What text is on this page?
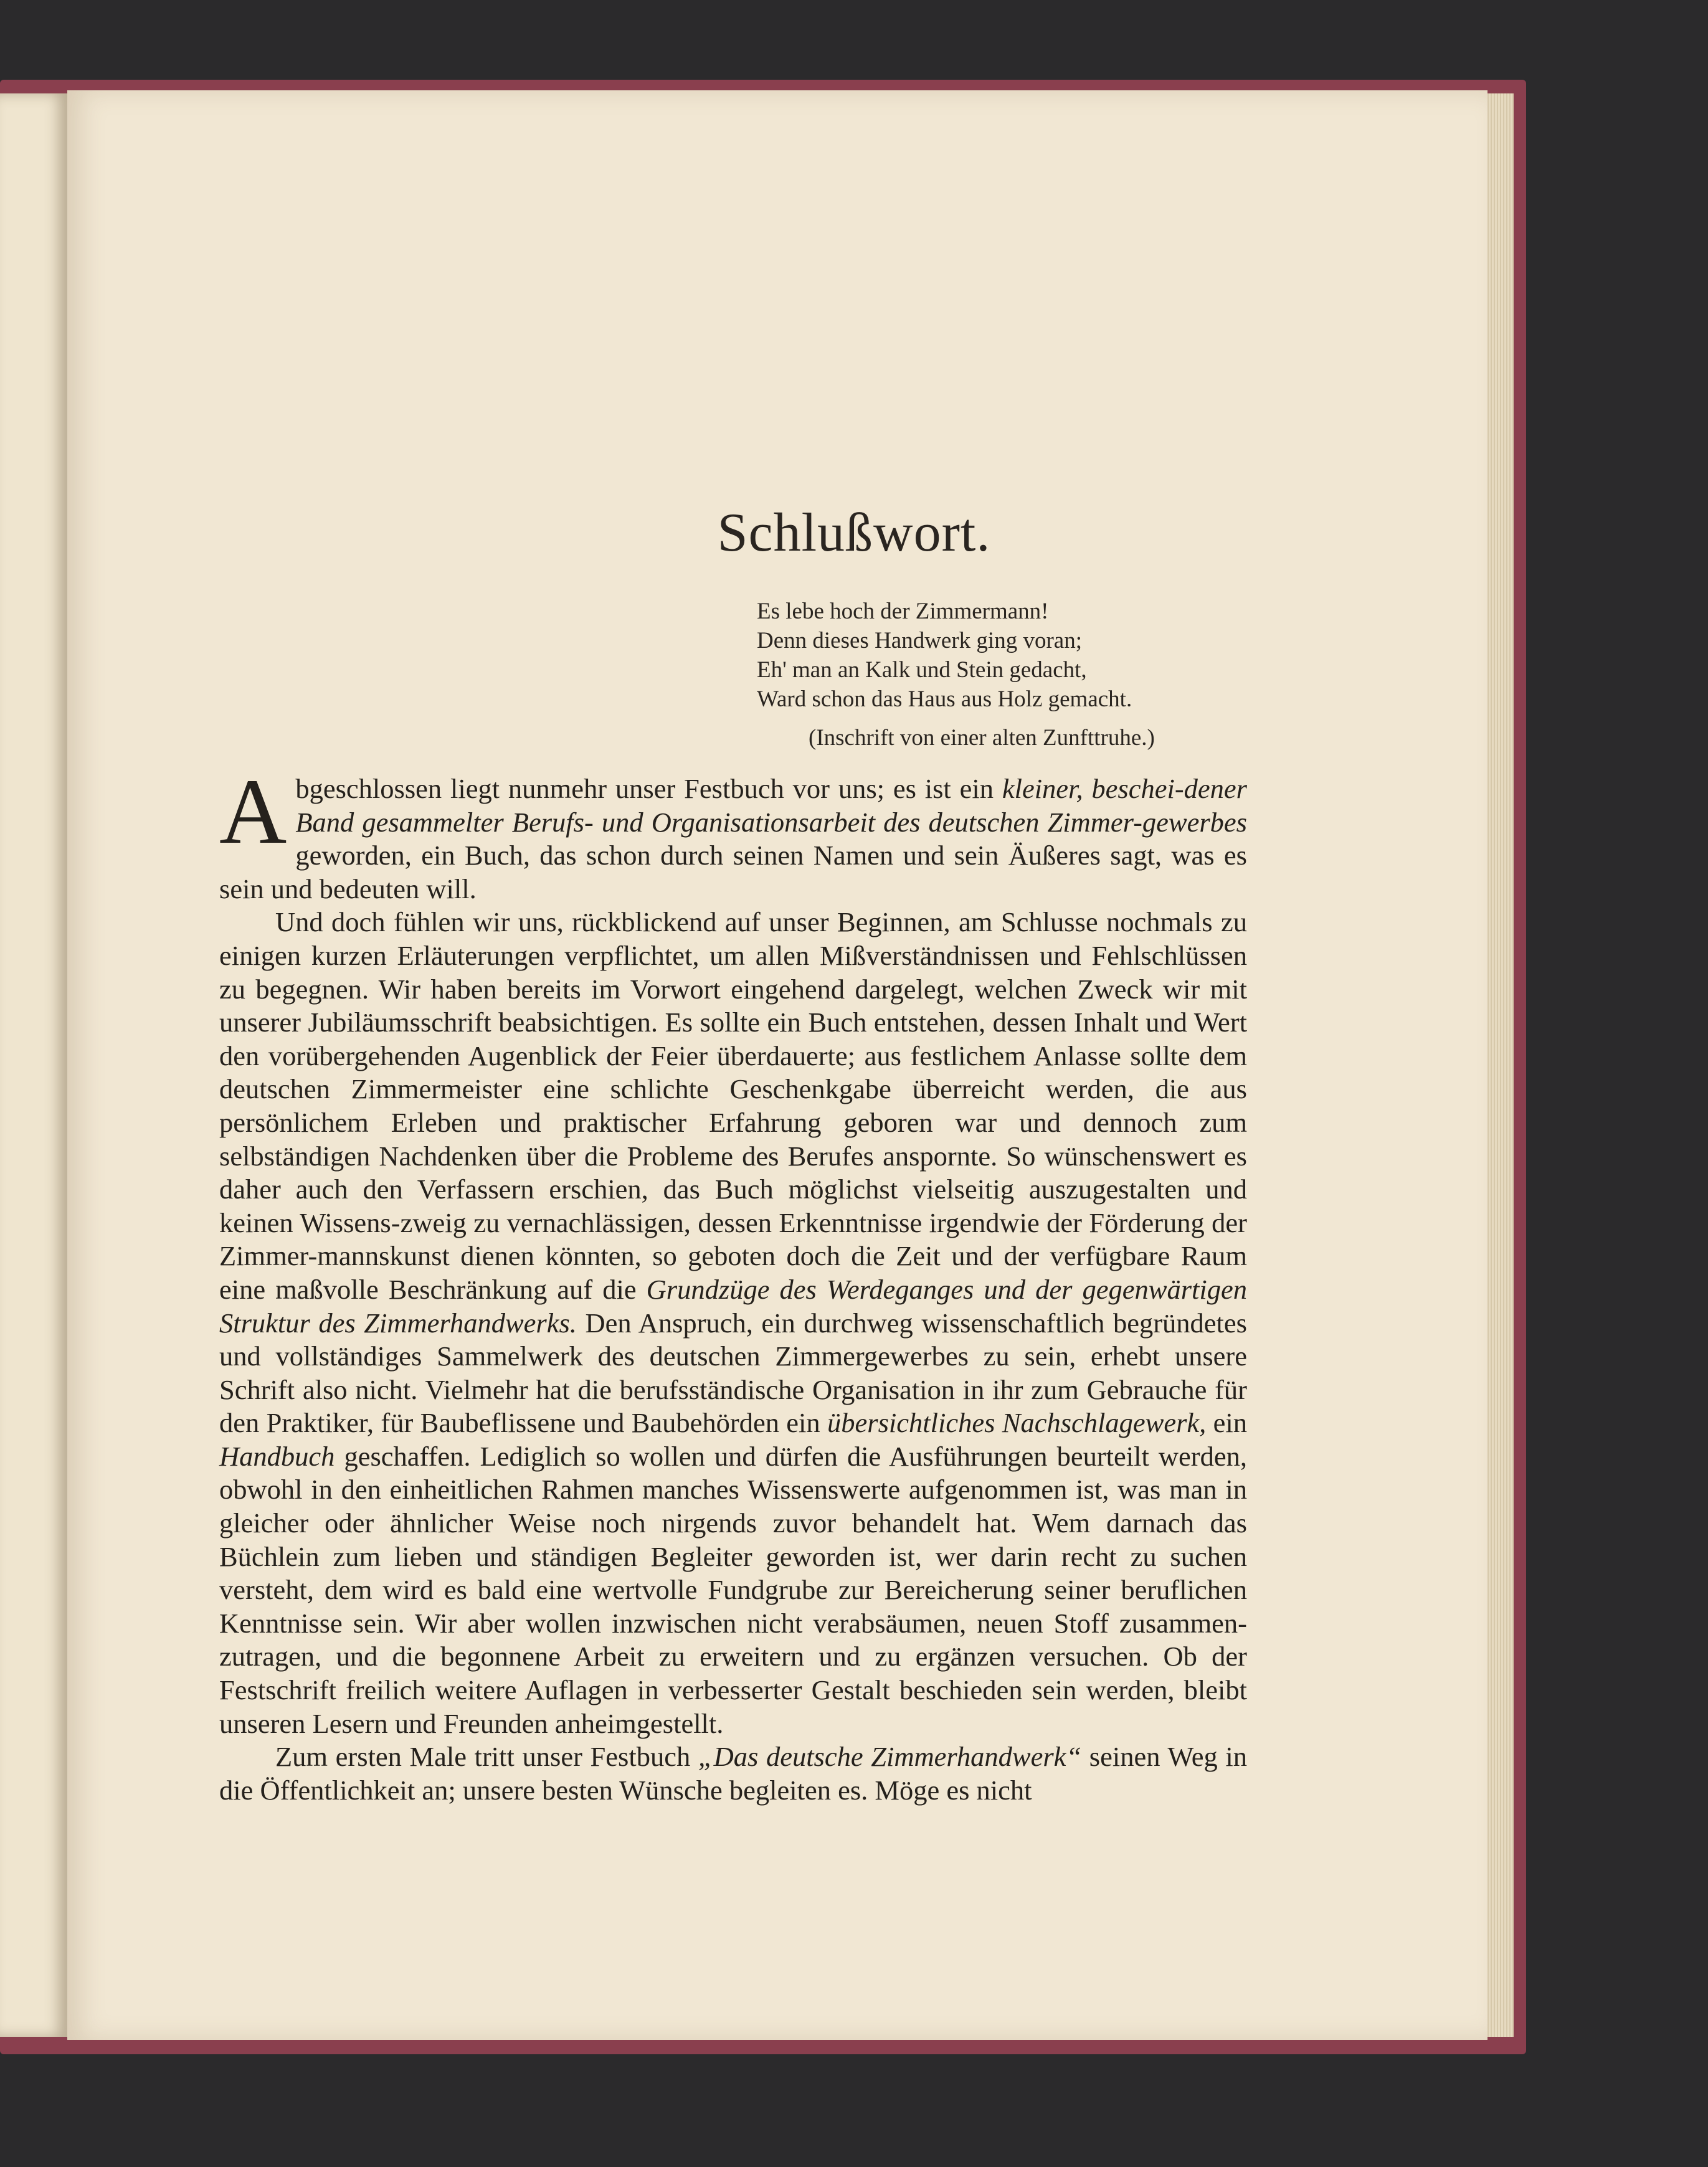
Schlußwort.
Es lebe hoch der Zimmermann!
Denn dieses Handwerk ging voran;
Eh' man an Kalk und Stein gedacht,
Ward schon das Haus aus Holz gemacht.
(Inschrift von einer alten Zunfttruhe.)

Abgeschlossen liegt nunmehr unser Festbuch vor uns; es ist ein kleiner, beschei-dener Band gesammelter Berufs- und Organisationsarbeit des deutschen Zimmer-gewerbes geworden, ein Buch, das schon durch seinen Namen und sein Äußeres sagt, was es sein und bedeuten will.

Und doch fühlen wir uns, rückblickend auf unser Beginnen, am Schlusse nochmals zu einigen kurzen Erläuterungen verpflichtet, um allen Mißverständnissen und Fehlschlüssen zu begegnen. Wir haben bereits im Vorwort eingehend dargelegt, welchen Zweck wir mit unserer Jubiläumsschrift beabsichtigen. Es sollte ein Buch entstehen, dessen Inhalt und Wert den vorübergehenden Augenblick der Feier überdauerte; aus festlichem Anlasse sollte dem deutschen Zimmermeister eine schlichte Geschenkgabe überreicht werden, die aus persönlichem Erleben und praktischer Erfahrung geboren war und dennoch zum selbständigen Nachdenken über die Probleme des Berufes anspornte. So wünschenswert es daher auch den Verfassern erschien, das Buch möglichst vielseitig auszugestalten und keinen Wissens-zweig zu vernachlässigen, dessen Erkenntnisse irgendwie der Förderung der Zimmer-mannskunst dienen könnten, so geboten doch die Zeit und der verfügbare Raum eine maßvolle Beschränkung auf die Grundzüge des Werdeganges und der gegenwärtigen Struktur des Zimmerhandwerks. Den Anspruch, ein durchweg wissenschaftlich begründetes und vollständiges Sammelwerk des deutschen Zimmergewerbes zu sein, erhebt unsere Schrift also nicht. Vielmehr hat die berufsständische Organisation in ihr zum Gebrauche für den Praktiker, für Baubeflissene und Baubehörden ein übersichtliches Nachschlagewerk, ein Handbuch geschaffen. Lediglich so wollen und dürfen die Ausführungen beurteilt werden, obwohl in den einheitlichen Rahmen manches Wissenswerte aufgenommen ist, was man in gleicher oder ähnlicher Weise noch nirgends zuvor behandelt hat. Wem darnach das Büchlein zum lieben und ständigen Begleiter geworden ist, wer darin recht zu suchen versteht, dem wird es bald eine wertvolle Fundgrube zur Bereicherung seiner beruflichen Kenntnisse sein. Wir aber wollen inzwischen nicht verabsäumen, neuen Stoff zusammen-zutragen, und die begonnene Arbeit zu erweitern und zu ergänzen versuchen. Ob der Festschrift freilich weitere Auflagen in verbesserter Gestalt beschieden sein werden, bleibt unseren Lesern und Freunden anheimgestellt.

Zum ersten Male tritt unser Festbuch „Das deutsche Zimmerhandwerk“ seinen Weg in die Öffentlichkeit an; unsere besten Wünsche begleiten es. Möge es nicht
